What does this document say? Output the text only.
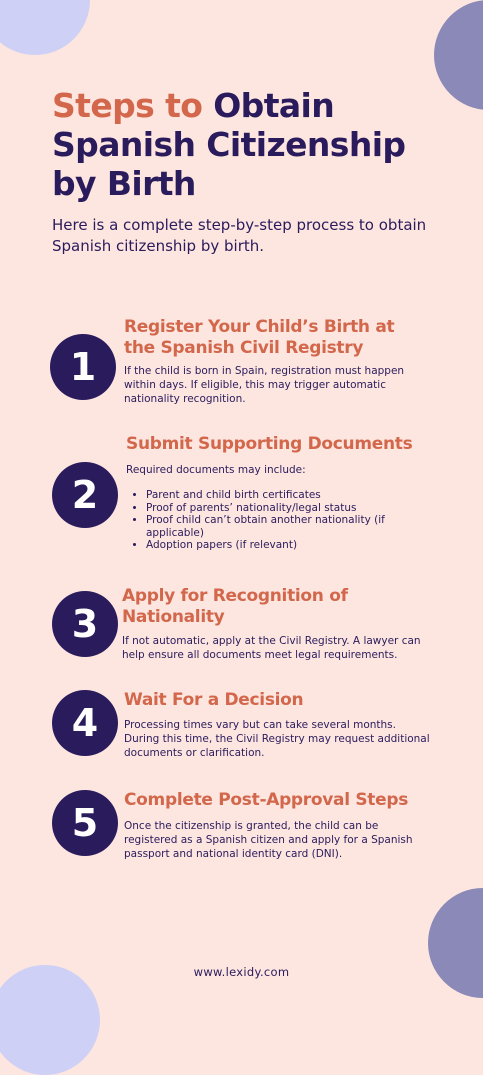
Steps to Obtain Spanish Citizenship by Birth
Here is a complete step-by-step process to obtain Spanish citizenship by birth.
1
Register Your Child’s Birth at the Spanish Civil Registry
If the child is born in Spain, registration must happen within days. If eligible, this may trigger automatic nationality recognition.
2
Submit Supporting Documents
Required documents may include:
• Parent and child birth certificates
• Proof of parents’ nationality/legal status
• Proof child can’t obtain another nationality (if applicable)
• Adoption papers (if relevant)
3
Apply for Recognition of Nationality
If not automatic, apply at the Civil Registry. A lawyer can help ensure all documents meet legal requirements.
4
Wait For a Decision
Processing times vary but can take several months. During this time, the Civil Registry may request additional documents or clarification.
5
Complete Post-Approval Steps
Once the citizenship is granted, the child can be registered as a Spanish citizen and apply for a Spanish passport and national identity card (DNI).
www.lexidy.com
